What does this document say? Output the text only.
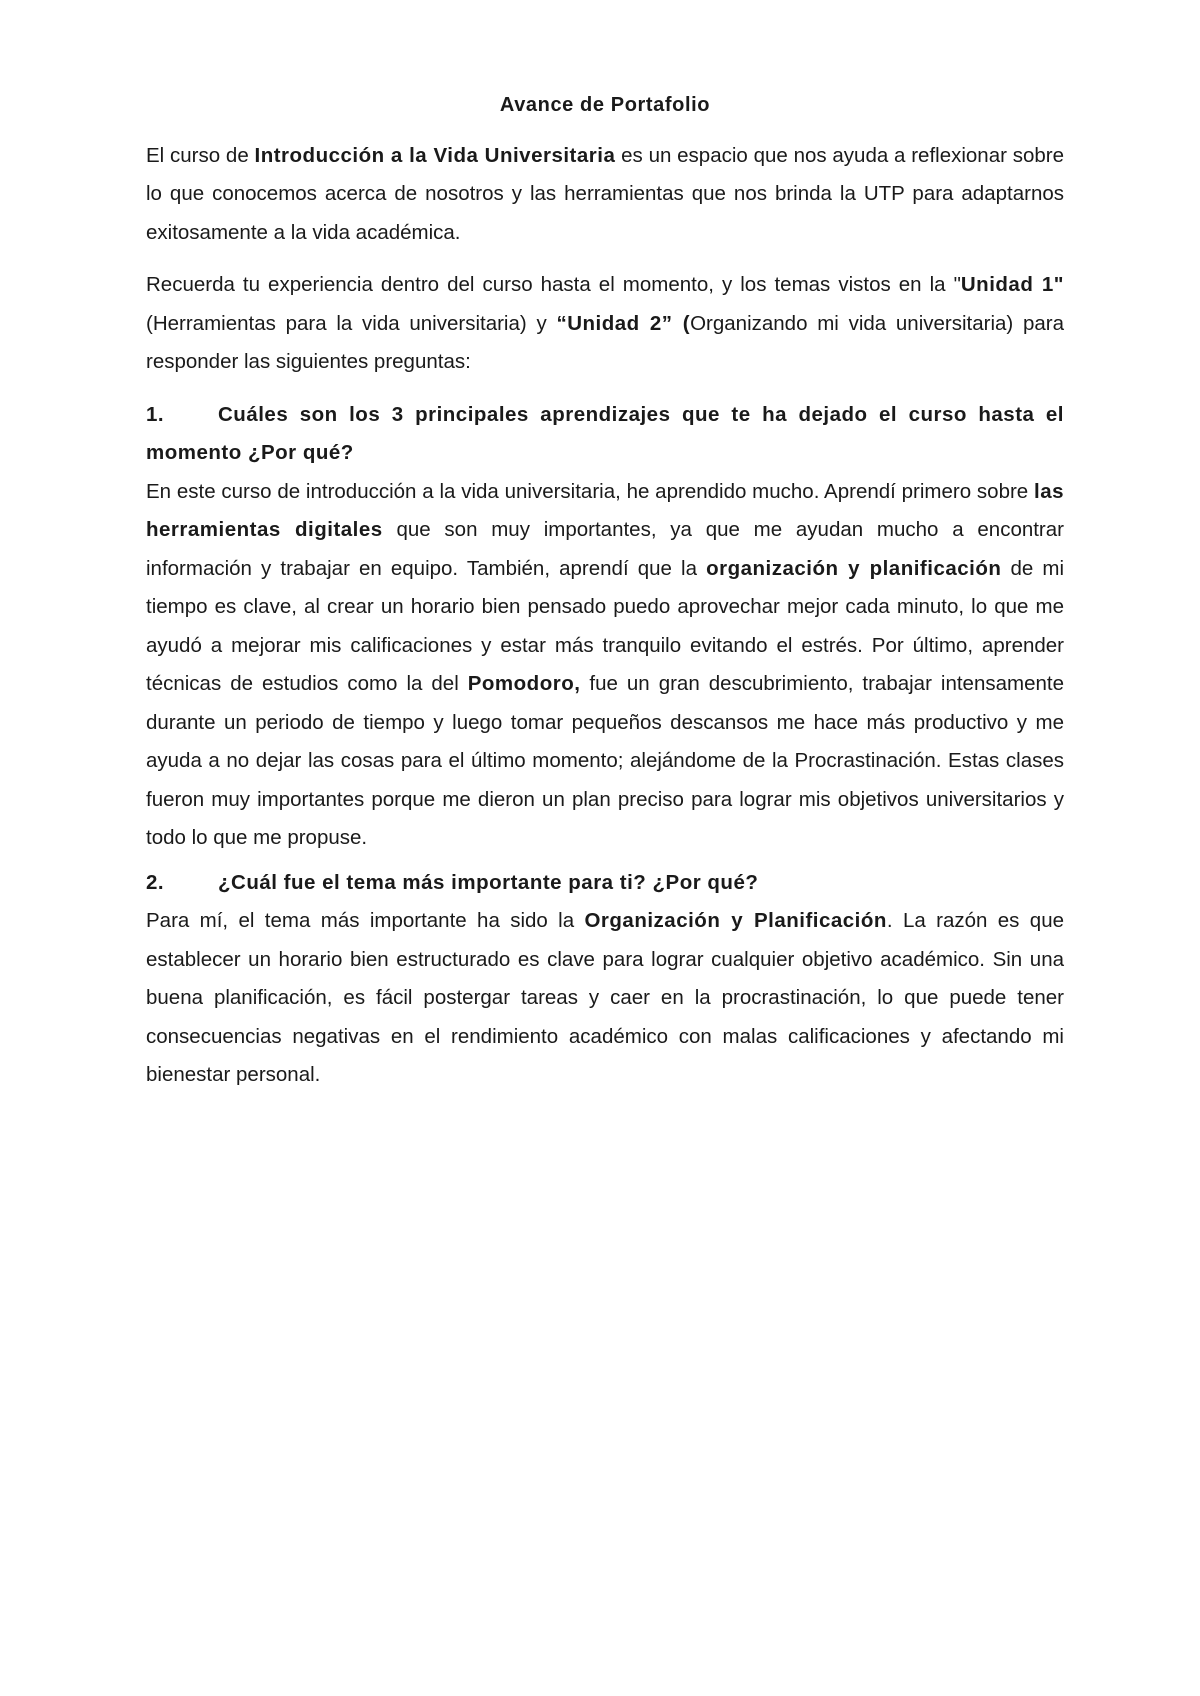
Avance de Portafolio

El curso de Introducción a la Vida Universitaria es un espacio que nos ayuda a reflexionar sobre lo que conocemos acerca de nosotros y las herramientas que nos brinda la UTP para adaptarnos exitosamente a la vida académica.

Recuerda tu experiencia dentro del curso hasta el momento, y los temas vistos en la "Unidad 1" (Herramientas para la vida universitaria) y “Unidad 2” (Organizando mi vida universitaria) para responder las siguientes preguntas:

1.	Cuáles son los 3 principales aprendizajes que te ha dejado el curso hasta el momento ¿Por qué?

En este curso de introducción a la vida universitaria, he aprendido mucho. Aprendí primero sobre las herramientas digitales que son muy importantes, ya que me ayudan mucho a encontrar información y trabajar en equipo. También, aprendí que la organización y planificación de mi tiempo es clave, al crear un horario bien pensado puedo aprovechar mejor cada minuto, lo que me ayudó a mejorar mis calificaciones y estar más tranquilo evitando el estrés. Por último, aprender técnicas de estudios como la del Pomodoro, fue un gran descubrimiento, trabajar intensamente durante un periodo de tiempo y luego tomar pequeños descansos me hace más productivo y me ayuda a no dejar las cosas para el último momento; alejándome de la Procrastinación. Estas clases fueron muy importantes porque me dieron un plan preciso para lograr mis objetivos universitarios y todo lo que me propuse.

2.	¿Cuál fue el tema más importante para ti? ¿Por qué?

Para mí, el tema más importante ha sido la Organización y Planificación. La razón es que establecer un horario bien estructurado es clave para lograr cualquier objetivo académico. Sin una buena planificación, es fácil postergar tareas y caer en la procrastinación, lo que puede tener consecuencias negativas en el rendimiento académico con malas calificaciones y afectando mi bienestar personal.
